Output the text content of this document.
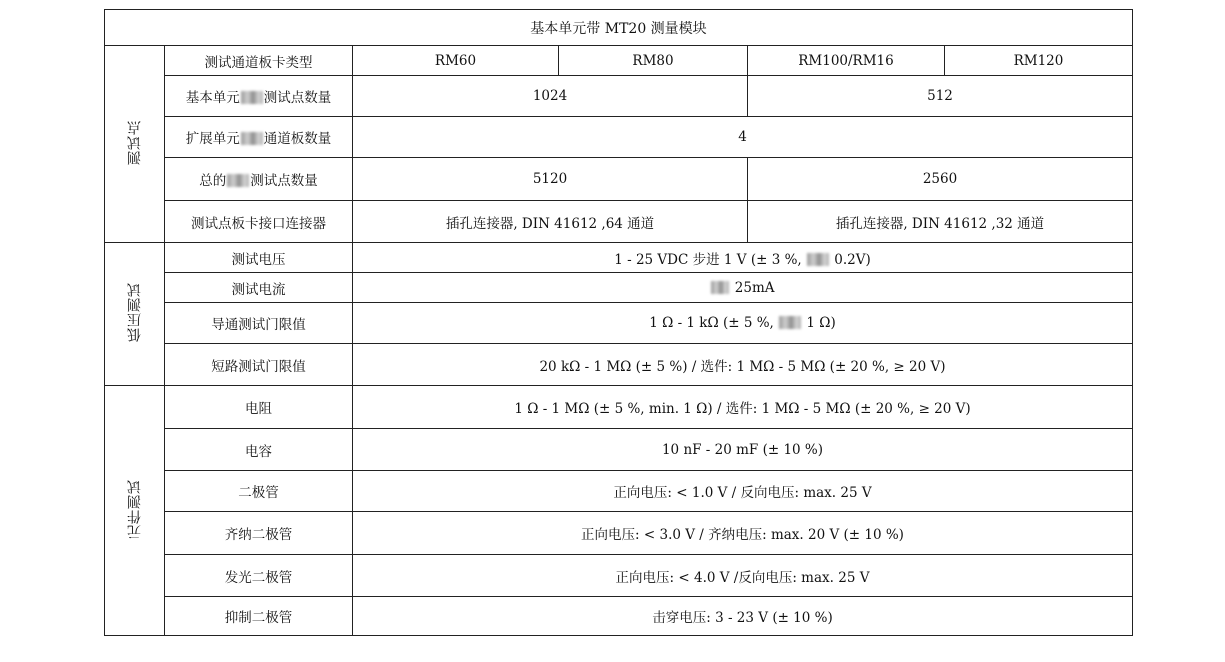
基本单元带 MT20 测量模块					
测试点	测试通道板卡类型	RM60	RM80	RM100/RM16	RM120
	基本单元 测试点数量	1024		512	
	扩展单元 通道板数量	4			
	总的 测试点数量	5120		2560	
	测试点板卡接口连接器	插孔连接器, DIN 41612 ,64 通道		插孔连接器, DIN 41612 ,32 通道	
低压测试	测试电压	1 - 25 VDC 步进 1 V (± 3 %,  0.2V)			
	测试电流	25mA			
	导通测试门限值	1 Ω - 1 kΩ (± 5 %,  1 Ω)			
	短路测试门限值	20 kΩ - 1 MΩ (± 5 %) / 选件: 1 MΩ - 5 MΩ (± 20 %, ≥ 20 V)			
元件测试	电阻	1 Ω - 1 MΩ (± 5 %, min. 1 Ω) / 选件: 1 MΩ - 5 MΩ (± 20 %, ≥ 20 V)			
	电容	10 nF - 20 mF (± 10 %)			
	二极管	正向电压: < 1.0 V / 反向电压: max. 25 V			
	齐纳二极管	正向电压: < 3.0 V / 齐纳电压: max. 20 V (± 10 %)			
	发光二极管	正向电压: < 4.0 V /反向电压: max. 25 V			
	抑制二极管	击穿电压: 3 - 23 V (± 10 %)			
